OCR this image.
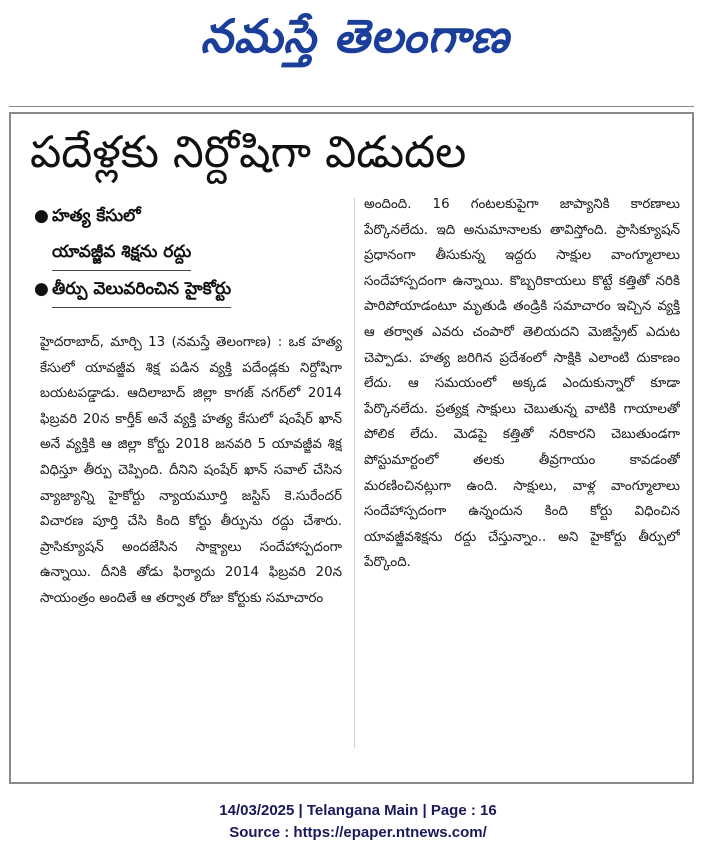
నమస్తే తెలంగాణ
పదేళ్లకు నిర్దోషిగా విడుదల
● హత్య కేసులో
యావజ్జీవ శిక్షను రద్దు
● తీర్పు వెలువరించిన హైకోర్టు

హైదరాబాద్, మార్చి 13 (నమస్తే తెలంగాణ) : ఒక హత్య కేసులో యావజ్జీవ శిక్ష పడిన వ్యక్తి పదేండ్లకు నిర్దోషిగా బయటపడ్డాడు. ఆదిలాబాద్ జిల్లా కాగజ్ నగర్‌లో 2014 ఫిబ్రవరి 20న కార్తీక్ అనే వ్యక్తి హత్య కేసులో షంషేర్ ఖాన్ అనే వ్యక్తికి ఆ జిల్లా కోర్టు 2018 జనవరి 5 యావజ్జీవ శిక్ష విధిస్తూ తీర్పు చెప్పింది. దీనిని షంషేర్ ఖాన్ సవాల్ చేసిన వ్యాజ్యాన్ని హైకోర్టు న్యాయమూర్తి జస్టిస్ కె.సురేందర్ విచారణ పూర్తి చేసి కింది కోర్టు తీర్పును రద్దు చేశారు. ప్రాసిక్యూషన్ అందజేసిన సాక్ష్యాలు సందేహాస్పదంగా ఉన్నాయి. దీనికి తోడు ఫిర్యాదు 2014 ఫిబ్రవరి 20న సాయంత్రం అందితే ఆ తర్వాత రోజు కోర్టుకు సమాచారం

అందింది. 16 గంటలకుపైగా జాప్యానికి కారణాలు పేర్కొనలేదు. ఇది అనుమానాలకు తావిస్తోంది. ప్రాసిక్యూషన్ ప్రధానంగా తీసుకున్న ఇద్దరు సాక్షుల వాంగ్మూలాలు సందేహాస్పదంగా ఉన్నాయి. కొబ్బరికాయలు కొట్టే కత్తితో నరికి పారిపోయాడంటూ మృతుడి తండ్రికి సమాచారం ఇచ్చిన వ్యక్తి ఆ తర్వాత ఎవరు చంపారో తెలియదని మెజిస్ట్రేట్ ఎదుట చెప్పాడు. హత్య జరిగిన ప్రదేశంలో సాక్షికి ఎలాంటి దుకాణం లేదు. ఆ సమయంలో అక్కడ ఎందుకున్నారో కూడా పేర్కొనలేదు. ప్రత్యక్ష సాక్షులు చెబుతున్న వాటికి గాయాలతో పోలిక లేదు. మెడపై కత్తితో నరికారని చెబుతుండగా పోస్టుమార్టంలో తలకు తీవ్రగాయం కావడంతో మరణించినట్లుగా ఉంది. సాక్షులు, వాళ్ల వాంగ్మూలాలు సందేహాస్పదంగా ఉన్నందున కింది కోర్టు విధించిన యావజ్జీవశిక్షను రద్దు చేస్తున్నాం.. అని హైకోర్టు తీర్పులో పేర్కొంది.

14/03/2025 | Telangana Main | Page : 16
Source : https://epaper.ntnews.com/
